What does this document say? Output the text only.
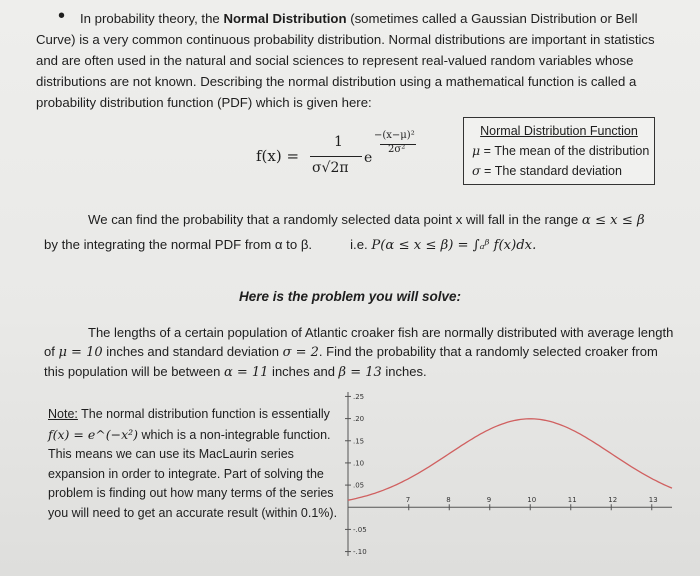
•	In probability theory, the Normal Distribution (sometimes called a Gaussian Distribution or Bell Curve) is a very common continuous probability distribution. Normal distributions are important in statistics and are often used in the natural and social sciences to represent real-valued random variables whose distributions are not known. Describing the normal distribution using a mathematical function is called a probability distribution function (PDF) which is given here:

f(x) =
1
σ√2π
e
−(x−μ)²
2σ²
Normal Distribution Function
μ = The mean of the distribution
σ = The standard deviation

We can find the probability that a randomly selected data point x will fall in the range α ≤ x ≤ β
by the integrating the normal PDF from α to β.	i.e. P(α ≤ x ≤ β) = ∫ₐᵝ f(x)dx.

Here is the problem you will solve:

The lengths of a certain population of Atlantic croaker fish are normally distributed with average length of μ = 10 inches and standard deviation σ = 2. Find the probability that a randomly selected croaker from this population will be between α = 11 inches and β = 13 inches.

Note: The normal distribution function is essentially f(x) = e^(−x²) which is a non-integrable function. This means we can use its MacLaurin series expansion in order to integrate. Part of solving the problem is finding out how many terms of the series you will need to get an accurate result (within 0.1%).

.25
.20
.15
.10
.05
-.05
-.10
7	8	9	10	11	12	13
